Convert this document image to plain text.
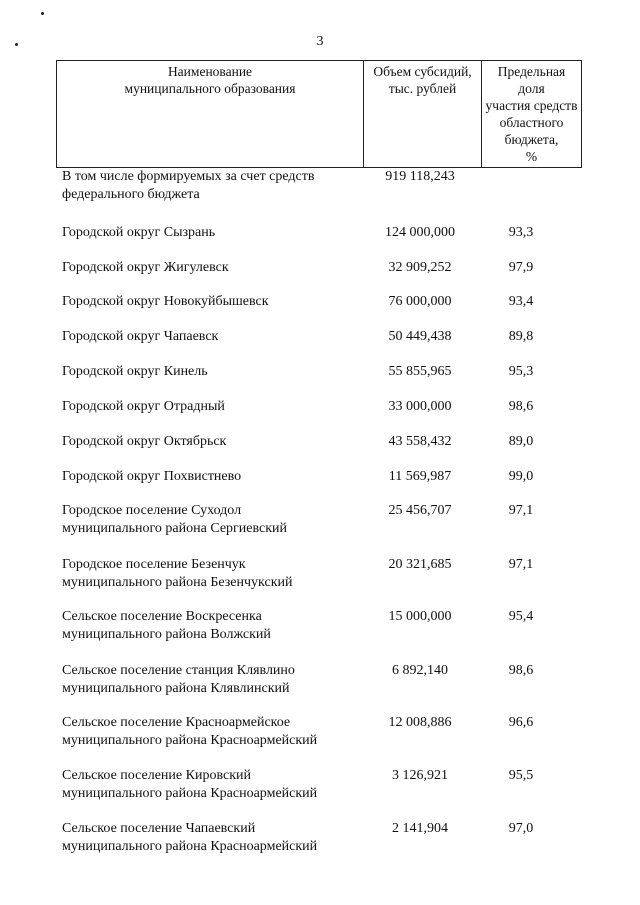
3
Наименование
муниципального образования

Объем субсидий,
тыс. рублей

Предельная
доля
участия средств
областного
бюджета,
%
В том числе формируемых за счет средств
федерального бюджета
919 118,243
Городской округ Сызрань	124 000,000	93,3
Городской округ Жигулевск	32 909,252	97,9
Городской округ Новокуйбышевск	76 000,000	93,4
Городской округ Чапаевск	50 449,438	89,8
Городской округ Кинель	55 855,965	95,3
Городской округ Отрадный	33 000,000	98,6
Городской округ Октябрьск	43 558,432	89,0
Городской округ Похвистнево	11 569,987	99,0
Городское поселение Суходол
муниципального района Сергиевский
25 456,707	97,1
Городское поселение Безенчук
муниципального района Безенчукский
20 321,685	97,1
Сельское поселение Воскресенка
муниципального района Волжский
15 000,000	95,4
Сельское поселение станция Клявлино
муниципального района Клявлинский
6 892,140	98,6
Сельское поселение Красноармейское
муниципального района Красноармейский
12 008,886	96,6
Сельское поселение Кировский
муниципального района Красноармейский
3 126,921	95,5
Сельское поселение Чапаевский
муниципального района Красноармейский
2 141,904	97,0
